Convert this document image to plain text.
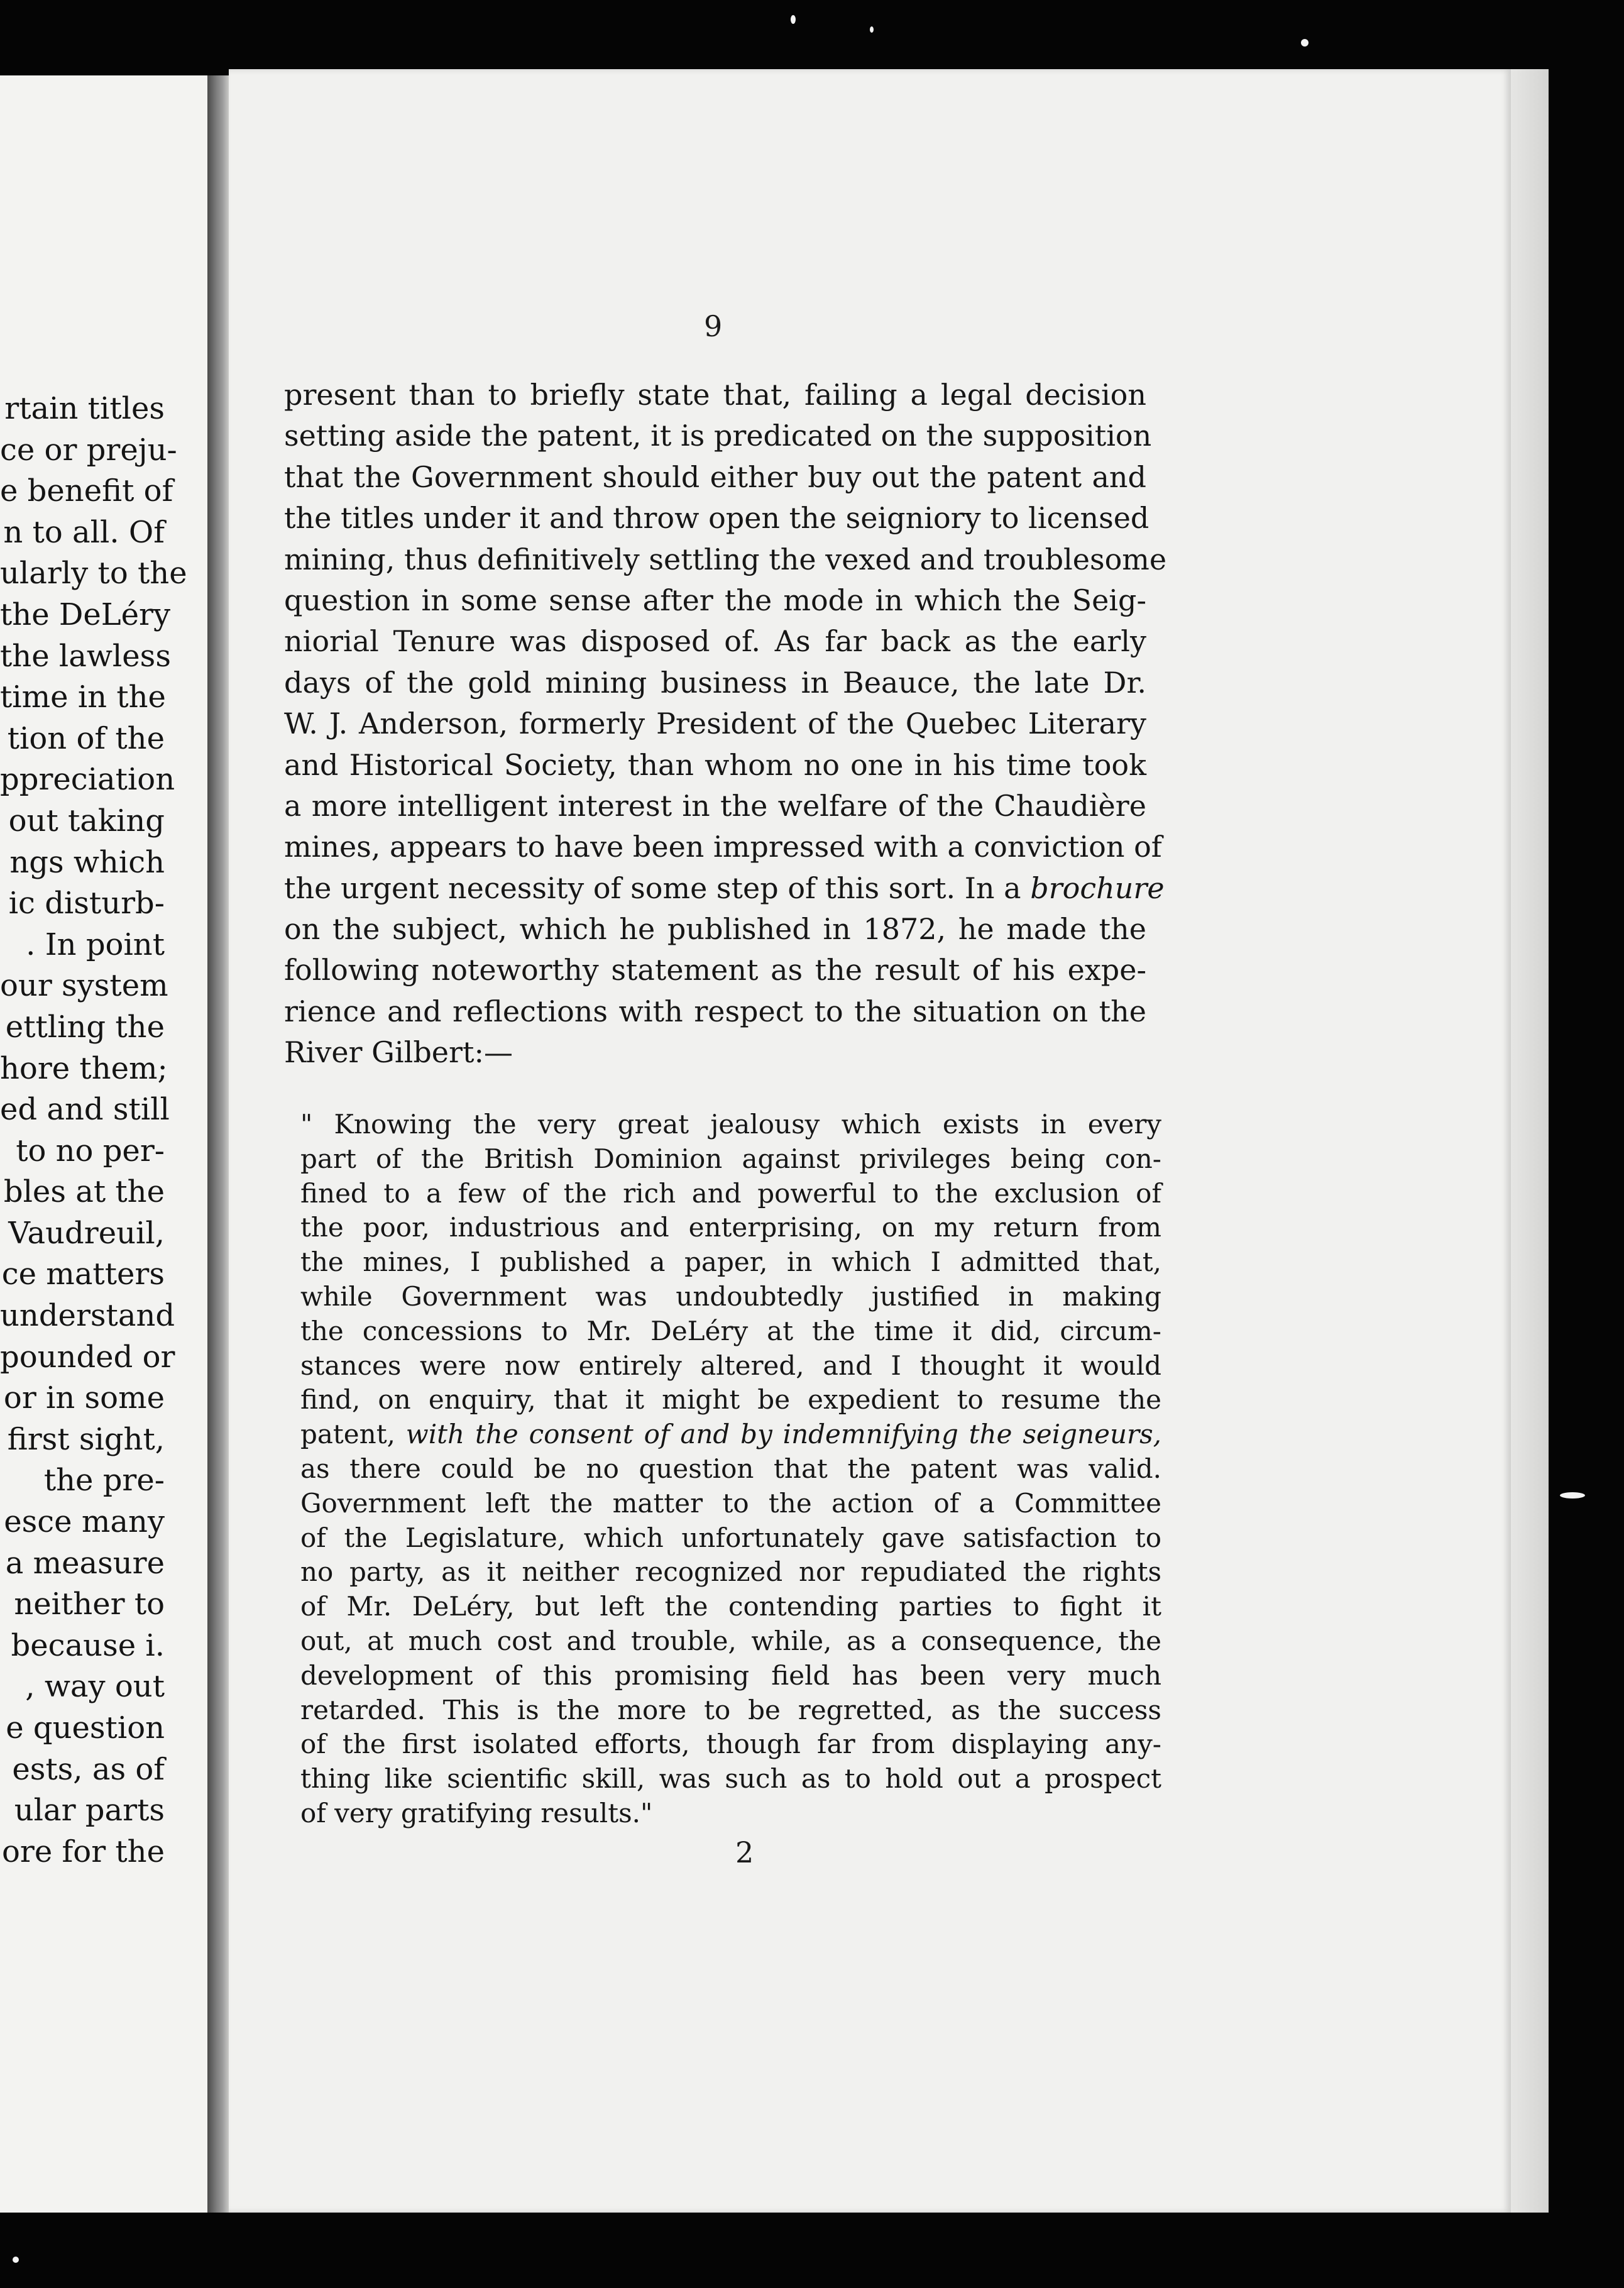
rtain titles
ce or preju-
e benefit of
n to all. Of
ularly to the
the DeLéry
the lawless
time in the
tion of the
ppreciation
out taking
ngs which
ic disturb-
. In point
our system
ettling the
hore them;
ed and still
to no per-
bles at the
Vaudreuil,
ce matters
understand
pounded or
or in some
first sight,
the pre-
esce many
a measure
neither to
because i.
, way out
e question
ests, as of
ular parts
ore for the
9
present than to briefly state that, failing a legal decision
setting aside the patent, it is predicated on the supposition
that the Government should either buy out the patent and
the titles under it and throw open the seigniory to licensed
mining, thus definitively settling the vexed and troublesome
question in some sense after the mode in which the Seig-
niorial Tenure was disposed of. As far back as the early
days of the gold mining business in Beauce, the late Dr.
W. J. Anderson, formerly President of the Quebec Literary
and Historical Society, than whom no one in his time took
a more intelligent interest in the welfare of the Chaudière
mines, appears to have been impressed with a conviction of
the urgent necessity of some step of this sort. In a brochure
on the subject, which he published in 1872, he made the
following noteworthy statement as the result of his expe-
rience and reflections with respect to the situation on the
River Gilbert:—
" Knowing the very great jealousy which exists in every
part of the British Dominion against privileges being con-
fined to a few of the rich and powerful to the exclusion of
the poor, industrious and enterprising, on my return from
the mines, I published a paper, in which I admitted that,
while Government was undoubtedly justified in making
the concessions to Mr. DeLéry at the time it did, circum-
stances were now entirely altered, and I thought it would
find, on enquiry, that it might be expedient to resume the
patent, with the consent of and by indemnifying the seigneurs,
as there could be no question that the patent was valid.
Government left the matter to the action of a Committee
of the Legislature, which unfortunately gave satisfaction to
no party, as it neither recognized nor repudiated the rights
of Mr. DeLéry, but left the contending parties to fight it
out, at much cost and trouble, while, as a consequence, the
development of this promising field has been very much
retarded. This is the more to be regretted, as the success
of the first isolated efforts, though far from displaying any-
thing like scientific skill, was such as to hold out a prospect
of very gratifying results."
2
